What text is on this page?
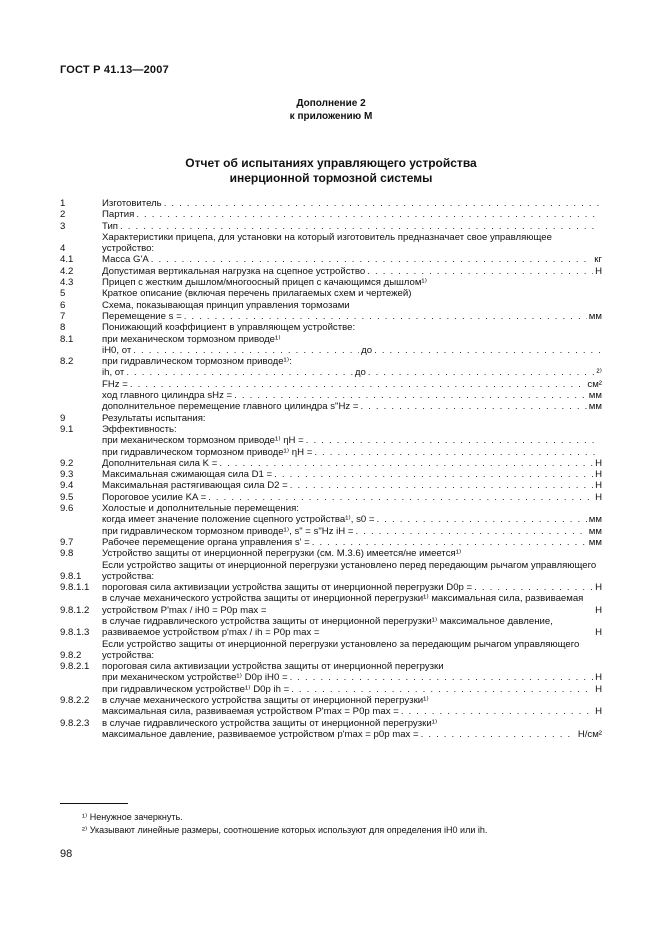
ГОСТ Р 41.13—2007
Дополнение 2
к приложению М
Отчет об испытаниях управляющего устройства
инерционной тормозной системы
1	Изготовитель
. . .
2	Партия
. . .
3	Тип
. . .
4
Характеристики прицепа, для установки на который изготовитель предназначает свое управляющее устройство:
4.1	Масса G'A . . .	кг
4.2	Допустимая вертикальная нагрузка на сцепное устройство . . .	Н
4.3	Прицеп с жестким дышлом/многоосный прицеп с качающимся дышлом¹⁾
5	Краткое описание (включая перечень прилагаемых схем и чертежей)
6	Схема, показывающая принцип управления тормозами
7	Перемещение s = . . .	мм
8	Понижающий коэффициент в управляющем устройстве:
8.1	при механическом тормозном приводе¹⁾
iH0, от . . .	до
. . .
8.2	при гидравлическом тормозном приводе¹⁾:
ih, от . . .	до . . .	²⁾
FHz = . . .	см²
ход главного цилиндра sHz = . . .	мм
дополнительное перемещение главного цилиндра s"Hz = . . .	мм
9	Результаты испытания:
9.1	Эффективность:
при механическом тормозном приводе¹⁾ ηH =
. . .
при гидравлическом тормозном приводе¹⁾ ηH =
. . .
9.2	Дополнительная сила K = . . .	Н
9.3	Максимальная сжимающая сила D1 = . . .	Н
9.4	Максимальная растягивающая сила D2 = . . .	Н
9.5	Пороговое усилие KA = . . .	Н
9.6	Холостые и дополнительные перемещения:
когда имеет значение положение сцепного устройства¹⁾, s0 = . . .	мм
при гидравлическом тормозном приводе¹⁾, s" = s"Hz iH = . . .	мм
9.7	Рабочее перемещение органа управления s' = . . .	мм
9.8	Устройство защиты от инерционной перегрузки (см. М.3.6) имеется/не имеется¹⁾
9.8.1
Если устройство защиты от инерционной перегрузки установлено перед передающим рычагом управляющего устройства:
9.8.1.1	пороговая сила активизации устройства защиты от инерционной перегрузки D0p = . . .	Н
9.8.1.2
в случае механического устройства защиты от инерционной перегрузки¹⁾ максимальная сила, развиваемая устройством P'max / iH0 = P0p max =	Н
9.8.1.3
в случае гидравлического устройства защиты от инерционной перегрузки¹⁾ максимальное давление, развиваемое устройством p'max / ih = P0p max =	Н
9.8.2
Если устройство защиты от инерционной перегрузки установлено за передающим рычагом управляющего устройства:
9.8.2.1	пороговая сила активизации устройства защиты от инерционной перегрузки
при механическом устройстве¹⁾ D0p iH0 = . . .	Н
при гидравлическом устройстве¹⁾ D0p ih = . . .	Н
9.8.2.2	в случае механического устройства защиты от инерционной перегрузки¹⁾
максимальная сила, развиваемая устройством P'max = P0p max = . . .	Н
9.8.2.3	в случае гидравлического устройства защиты от инерционной перегрузки¹⁾
максимальное давление, развиваемое устройством p'max = p0p max = . . .	Н/см²
¹⁾ Ненужное зачеркнуть.
²⁾ Указывают линейные размеры, соотношение которых используют для определения iH0 или ih.
98
